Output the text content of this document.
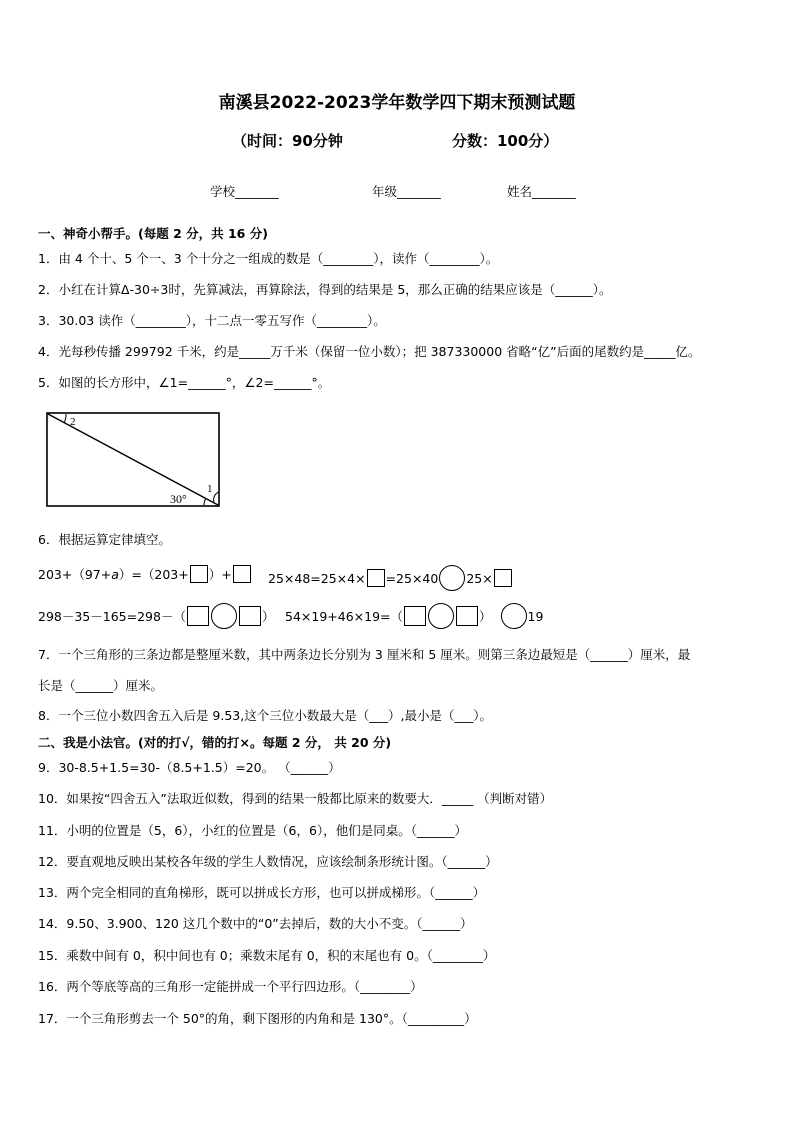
南溪县2022-2023学年数学四下期末预测试题
（时间：90分钟	分数：100分）
学校_______	年级_______	姓名_______
一、神奇小帮手。(每题 2 分，共 16 分)
1．由 4 个十、5 个一、3 个十分之一组成的数是（________），读作（________）。
2．小红在计算Δ-30÷3时，先算减法，再算除法，得到的结果是 5，那么正确的结果应该是（______）。
3．30.03 读作（________），十二点一零五写作（________）。
4．光每秒传播 299792 千米，约是_____万千米（保留一位小数）；把 387330000 省略“亿”后面的尾数约是_____亿。
5．如图的长方形中，∠1=______°，∠2=______°。
2
1
30°
6．根据运算定律填空。
203+（97+ a ）=（203+ ）+	25×48=25×4× =25×40 25×
298－35－165=298－（	） 54×19+46×19=（	）	19
7．一个三角形的三条边都是整厘米数，其中两条边长分别为 3 厘米和 5 厘米。则第三条边最短是（______）厘米，最
长是（______）厘米。
8．一个三位小数四舍五入后是 9.53,这个三位小数最大是（___）,最小是（___）。
二、我是小法官。(对的打√，错的打×。每题 2 分， 共 20 分)
9．30-8.5+1.5=30-（8.5+1.5）=20。 （______）
10．如果按“四舍五入”法取近似数，得到的结果一般都比原来的数要大．_____ （判断对错）
11．小明的位置是（5，6），小红的位置是（6，6），他们是同桌。（______）
12．要直观地反映出某校各年级的学生人数情况，应该绘制条形统计图。（______）
13．两个完全相同的直角梯形，既可以拼成长方形，也可以拼成梯形。（______）
14．9.50、3.900、120 这几个数中的“0”去掉后，数的大小不变。（______）
15．乘数中间有 0，积中间也有 0；乘数末尾有 0，积的末尾也有 0。（________）
16．两个等底等高的三角形一定能拼成一个平行四边形。（________）
17．一个三角形剪去一个 50°的角，剩下图形的内角和是 130°。（_________）
